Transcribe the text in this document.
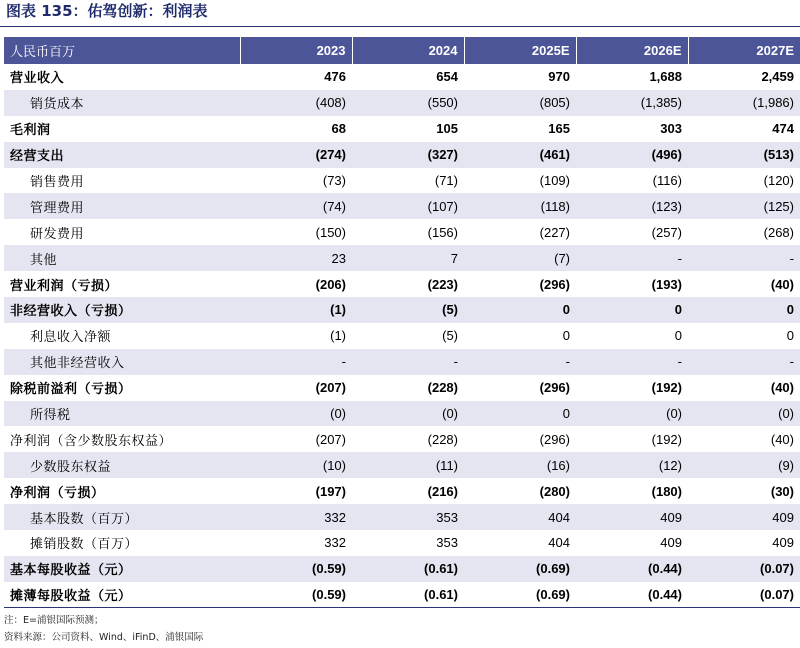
图表 135：佑驾创新：利润表
人民币百万	2023	2024	2025E	2026E	2027E
营业收入	476	654	970	1,688	2,459
销货成本	(408)	(550)	(805)	(1,385)	(1,986)
毛利润	68	105	165	303	474
经营支出	(274)	(327)	(461)	(496)	(513)
销售费用	(73)	(71)	(109)	(116)	(120)
管理费用	(74)	(107)	(118)	(123)	(125)
研发费用	(150)	(156)	(227)	(257)	(268)
其他	23	7	(7)	-	-
营业利润（亏损）	(206)	(223)	(296)	(193)	(40)
非经营收入（亏损）	(1)	(5)	0	0	0
利息收入净额	(1)	(5)	0	0	0
其他非经营收入	-	-	-	-	-
除税前溢利（亏损）	(207)	(228)	(296)	(192)	(40)
所得税	(0)	(0)	0	(0)	(0)
净利润（含少数股东权益）	(207)	(228)	(296)	(192)	(40)
少数股东权益	(10)	(11)	(16)	(12)	(9)
净利润（亏损）	(197)	(216)	(280)	(180)	(30)
基本股数（百万）	332	353	404	409	409
摊销股数（百万）	332	353	404	409	409
基本每股收益（元）	(0.59)	(0.61)	(0.69)	(0.44)	(0.07)
摊薄每股收益（元）	(0.59)	(0.61)	(0.69)	(0.44)	(0.07)
注：E=浦银国际预测；
资料来源：公司资料、Wind、iFinD、浦银国际
